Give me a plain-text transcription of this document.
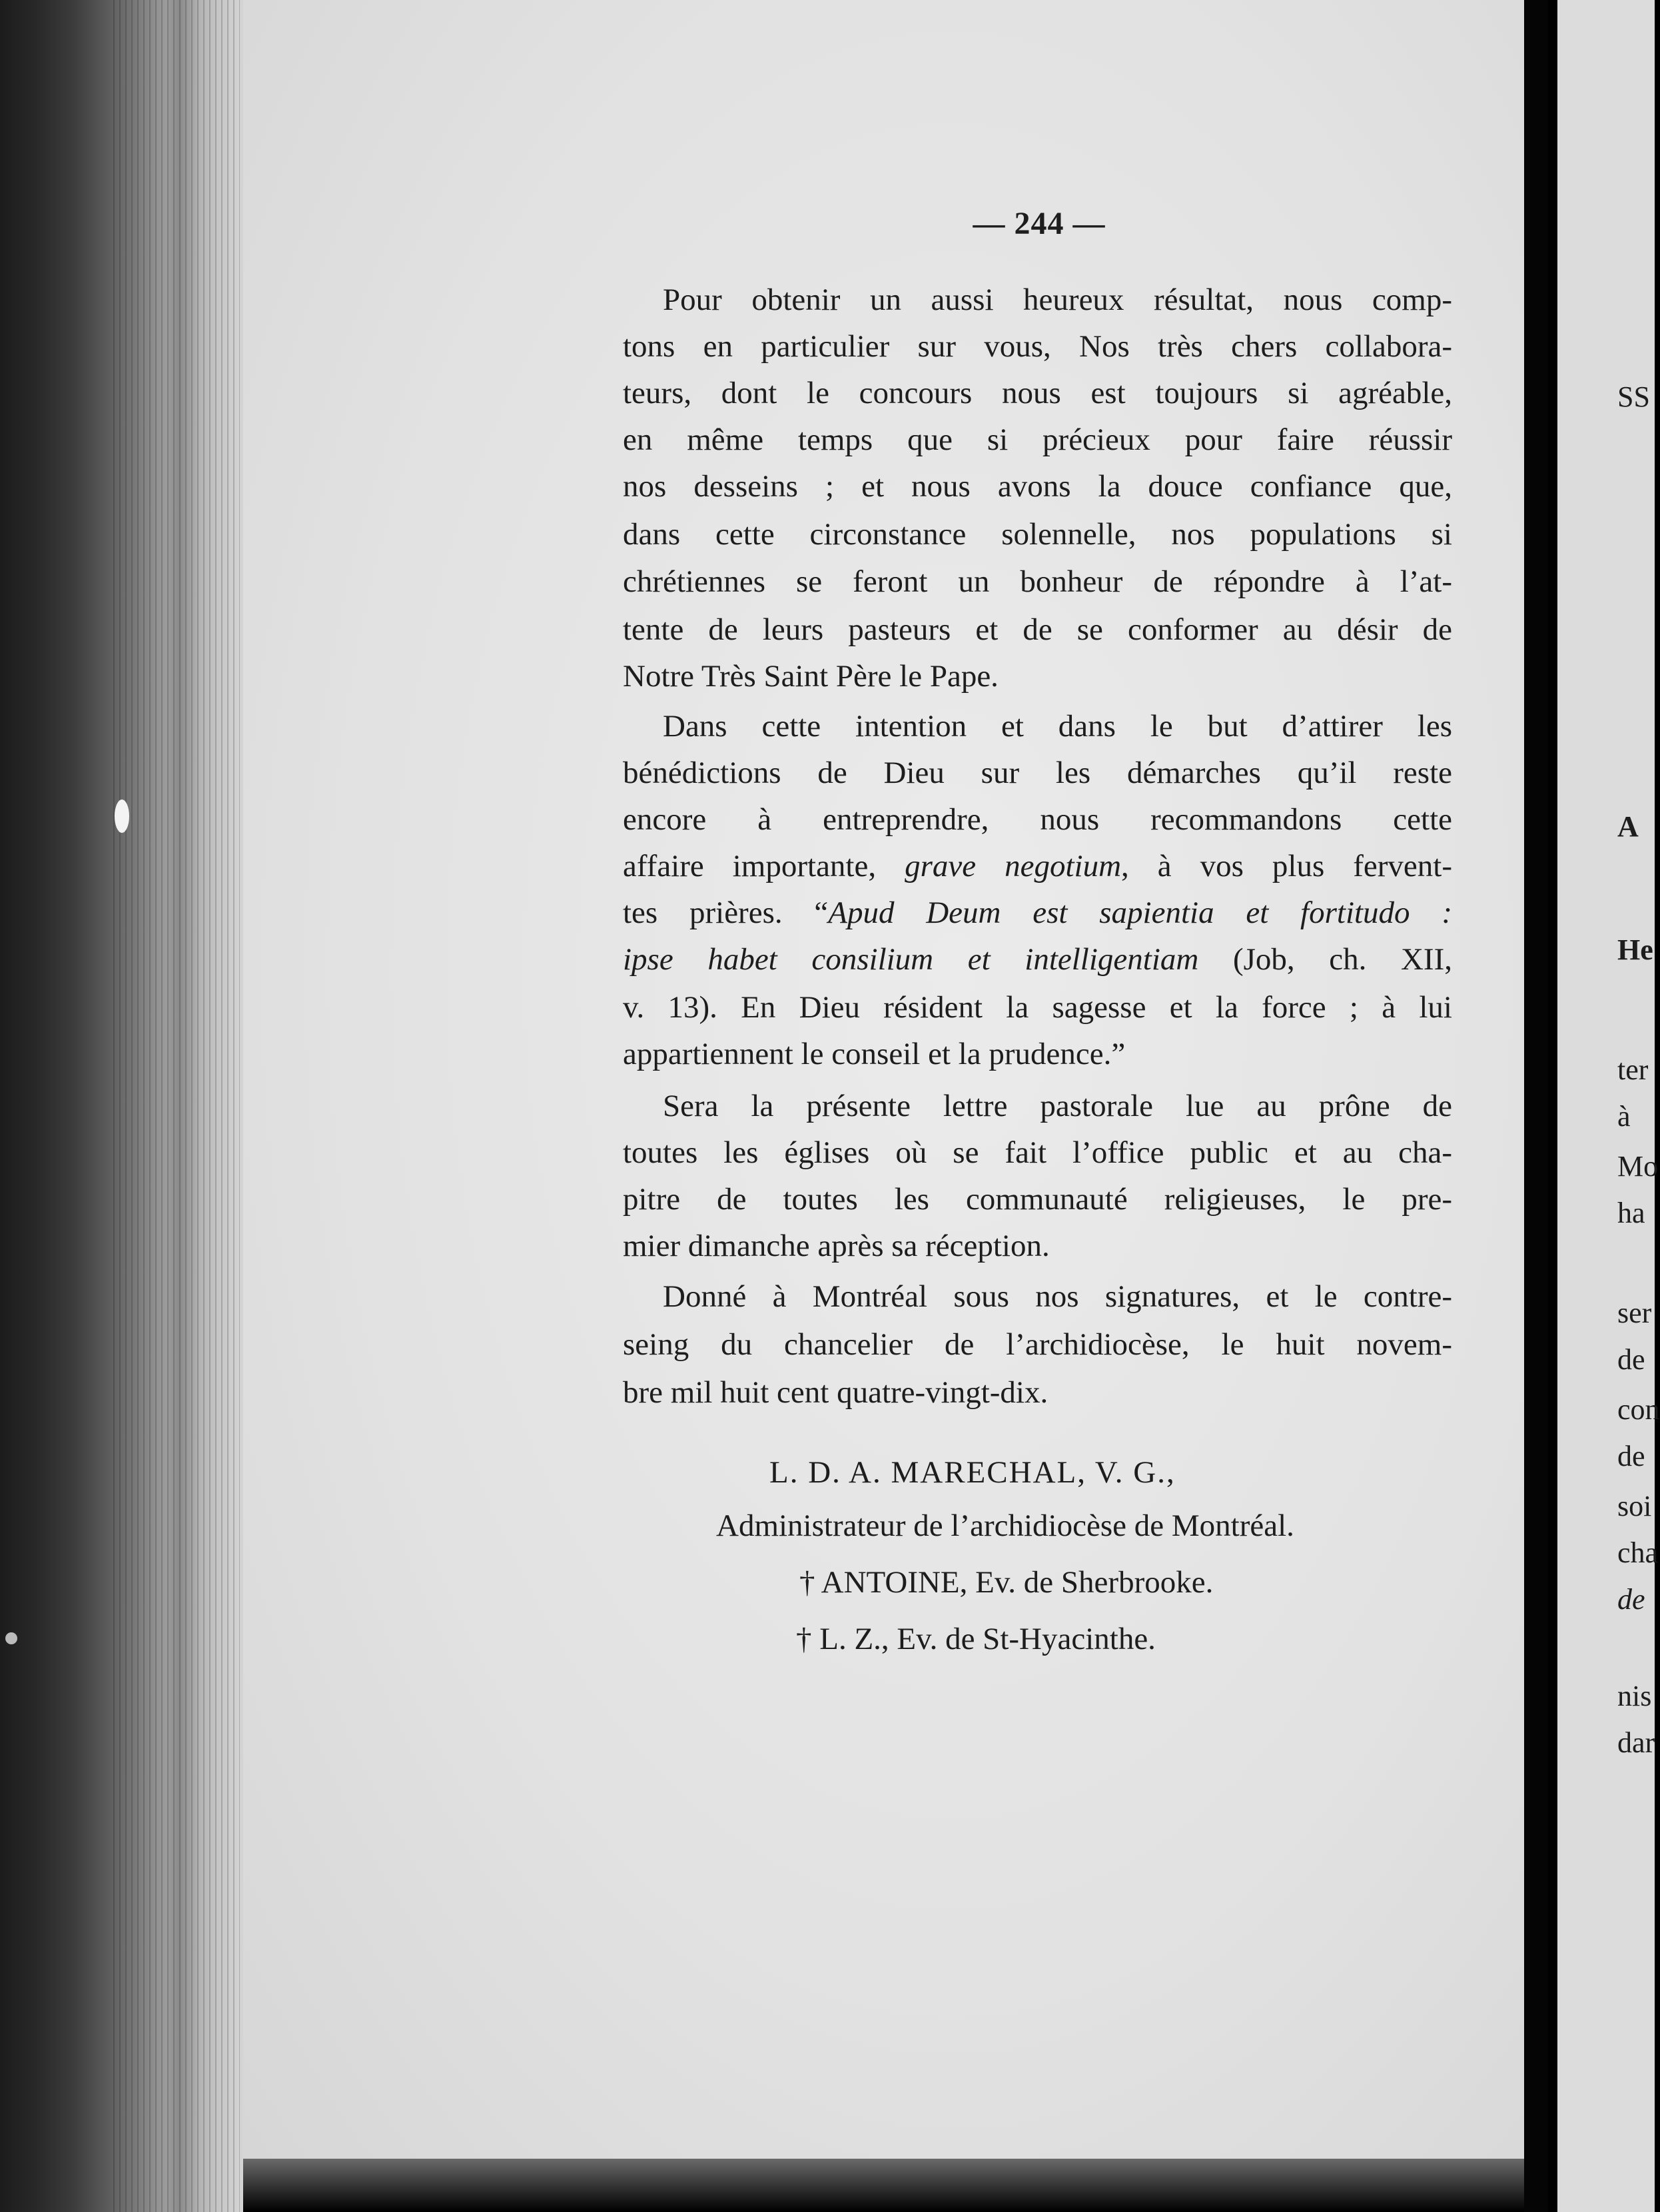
— 244 —
Pour obtenir un aussi heureux résultat, nous comp-
tons en particulier sur vous, Nos très chers collabora-
teurs, dont le concours nous est toujours si agréable,
en même temps que si précieux pour faire réussir
nos desseins ; et nous avons la douce confiance que,
dans cette circonstance solennelle, nos populations si
chrétiennes se feront un bonheur de répondre à l’at-
tente de leurs pasteurs et de se conformer au désir de
Notre Très Saint Père le Pape.
Dans cette intention et dans le but d’attirer les
bénédictions de Dieu sur les démarches qu’il reste
encore à entreprendre, nous recommandons cette
affaire importante, grave negotium, à vos plus fervent-
tes prières. “Apud Deum est sapientia et fortitudo :
ipse habet consilium et intelligentiam (Job, ch. XII,
v. 13). En Dieu résident la sagesse et la force ; à lui
appartiennent le conseil et la prudence.”
Sera la présente lettre pastorale lue au prône de
toutes les églises où se fait l’office public et au cha-
pitre de toutes les communauté religieuses, le pre-
mier dimanche après sa réception.
Donné à Montréal sous nos signatures, et le contre-
seing du chancelier de l’archidiocèse, le huit novem-
bre mil huit cent quatre-vingt-dix.
L. D. A. MARECHAL, V. G.,
Administrateur de l’archidiocèse de Montréal.
† ANTOINE, Ev. de Sherbrooke.
† L. Z., Ev. de St-Hyacinthe.
SS
A
He
ter
à
Mo
ha
ser
de
con
de
soi
cha
de
nis
dar
